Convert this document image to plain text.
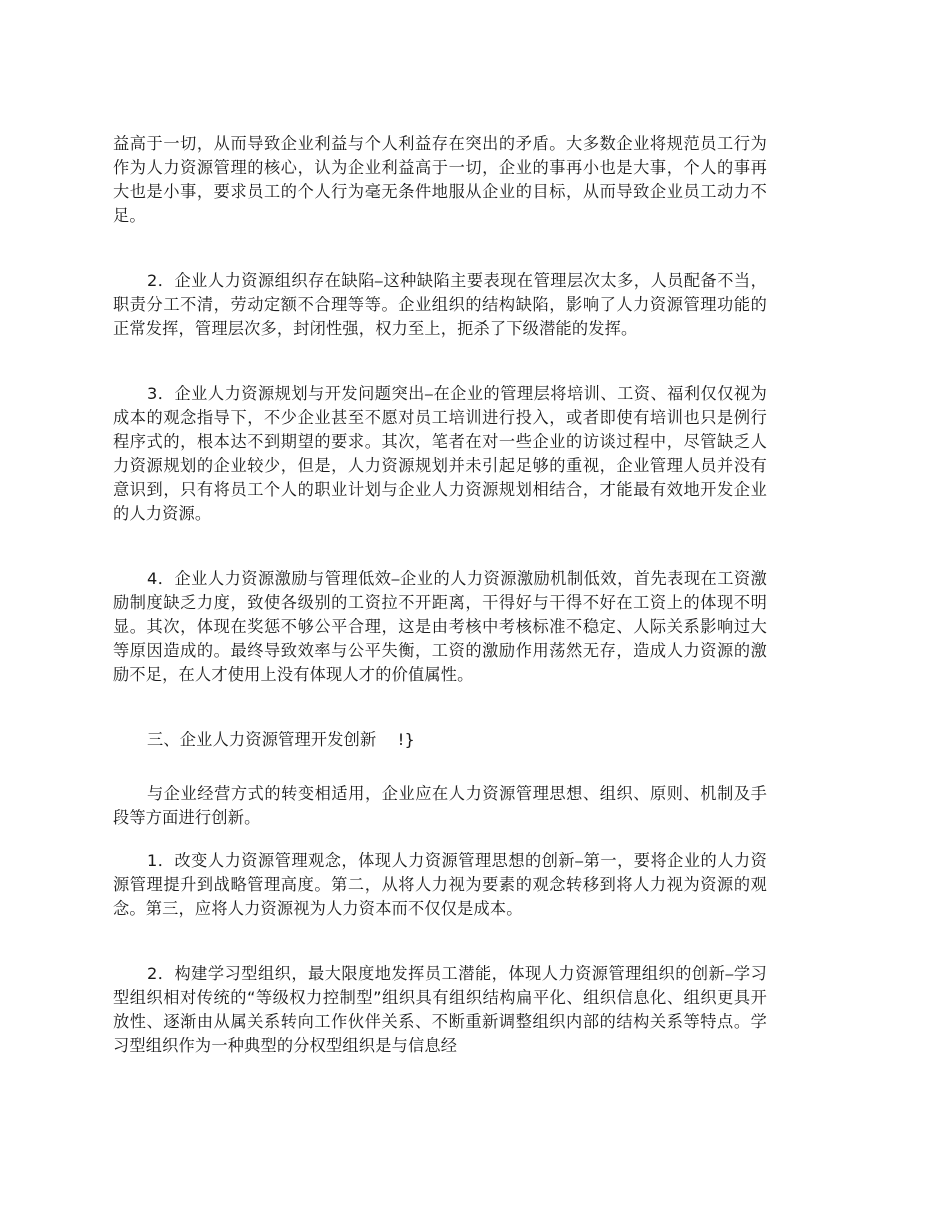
益高于一切，从而导致企业利益与个人利益存在突出的矛盾。大多数企业将规范员工行为作为人力资源管理的核心，认为企业利益高于一切，企业的事再小也是大事，个人的事再大也是小事，要求员工的个人行为毫无条件地服从企业的目标，从而导致企业员工动力不足。

2．企业人力资源组织存在缺陷⎯这种缺陷主要表现在管理层次太多，人员配备不当，职责分工不清，劳动定额不合理等等。企业组织的结构缺陷，影响了人力资源管理功能的正常发挥，管理层次多，封闭性强，权力至上，扼杀了下级潜能的发挥。

3．企业人力资源规划与开发问题突出⎯在企业的管理层将培训、工资、福利仅仅视为成本的观念指导下，不少企业甚至不愿对员工培训进行投入，或者即使有培训也只是例行程序式的，根本达不到期望的要求。其次，笔者在对一些企业的访谈过程中，尽管缺乏人力资源规划的企业较少，但是，人力资源规划并未引起足够的重视，企业管理人员并没有意识到，只有将员工个人的职业计划与企业人力资源规划相结合，才能最有效地开发企业的人力资源。

4．企业人力资源激励与管理低效⎯企业的人力资源激励机制低效，首先表现在工资激励制度缺乏力度，致使各级别的工资拉不开距离，干得好与干得不好在工资上的体现不明显。其次，体现在奖惩不够公平合理，这是由考核中考核标准不稳定、人际关系影响过大等原因造成的。最终导致效率与公平失衡，工资的激励作用荡然无存，造成人力资源的激励不足，在人才使用上没有体现人才的价值属性。

三、企业人力资源管理开发创新    !}

与企业经营方式的转变相适用，企业应在人力资源管理思想、组织、原则、机制及手段等方面进行创新。

1．改变人力资源管理观念，体现人力资源管理思想的创新⎯第一，要将企业的人力资源管理提升到战略管理高度。第二，从将人力视为要素的观念转移到将人力视为资源的观念。第三，应将人力资源视为人力资本而不仅仅是成本。

2．构建学习型组织，最大限度地发挥员工潜能，体现人力资源管理组织的创新⎯学习型组织相对传统的“等级权力控制型”组织具有组织结构扁平化、组织信息化、组织更具开放性、逐渐由从属关系转向工作伙伴关系、不断重新调整组织内部的结构关系等特点。学习型组织作为一种典型的分权型组织是与信息经
